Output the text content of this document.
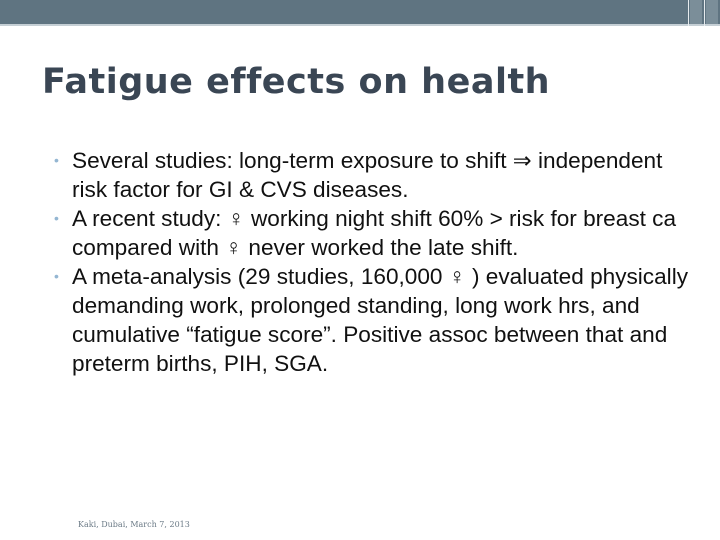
Fatigue effects on health
• Several studies: long-term exposure to shift ⇒ independent risk factor for GI & CVS diseases.
• A recent study: ♀ working night shift 60% > risk for breast ca compared with ♀ never worked the late shift.
• A meta-analysis (29 studies, 160,000 ♀ ) evaluated physically demanding work, prolonged standing, long work hrs, and cumulative “fatigue score”. Positive assoc between that and preterm births, PIH, SGA.
Kaki, Dubai, March 7, 2013
